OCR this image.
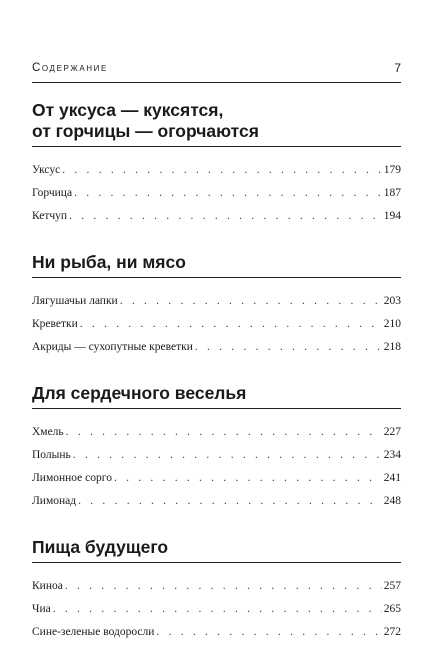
Содержание	7
От уксуса — куксятся,
от горчицы — огорчаются
Уксус . . .	179
Горчица . . .	187
Кетчуп . . .	194
Ни рыба, ни мясо
Лягушачьи лапки . . .	203
Креветки . . .	210
Акриды — сухопутные креветки . . .	218
Для сердечного веселья
Хмель . . .	227
Полынь . . .	234
Лимонное сорго . . .	241
Лимонад . . .	248
Пища будущего
Киноа . . .	257
Чиа . . .	265
Сине-зеленые водоросли . . .	272
